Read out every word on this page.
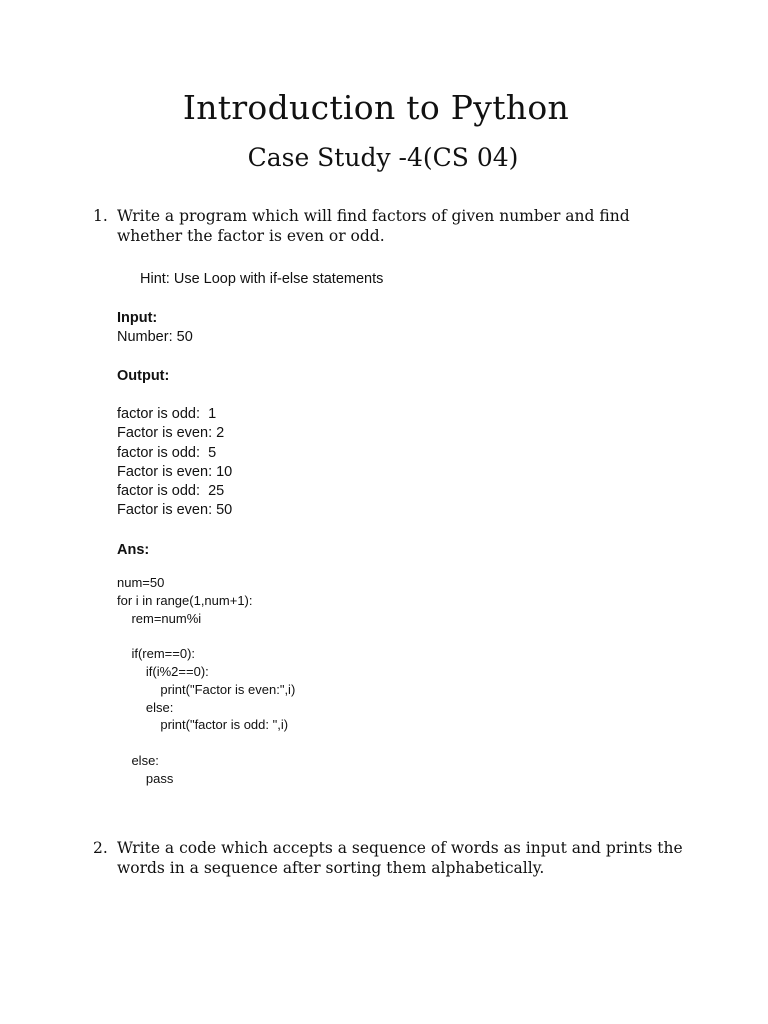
Introduction to Python
Case Study -4(CS 04)
1. Write a program which will find factors of given number and find whether the factor is even or odd.
Hint: Use Loop with if-else statements
Input:
Number: 50
Output:
factor is odd:  1
Factor is even: 2
factor is odd:  5
Factor is even: 10
factor is odd:  25
Factor is even: 50
Ans:
num=50
for i in range(1,num+1):
rem=num%i
if(rem==0):
if(i%2==0):
print("Factor is even:",i)
else:
print("factor is odd: ",i)
else:
pass
2. Write a code which accepts a sequence of words as input and prints the words in a sequence after sorting them alphabetically.
